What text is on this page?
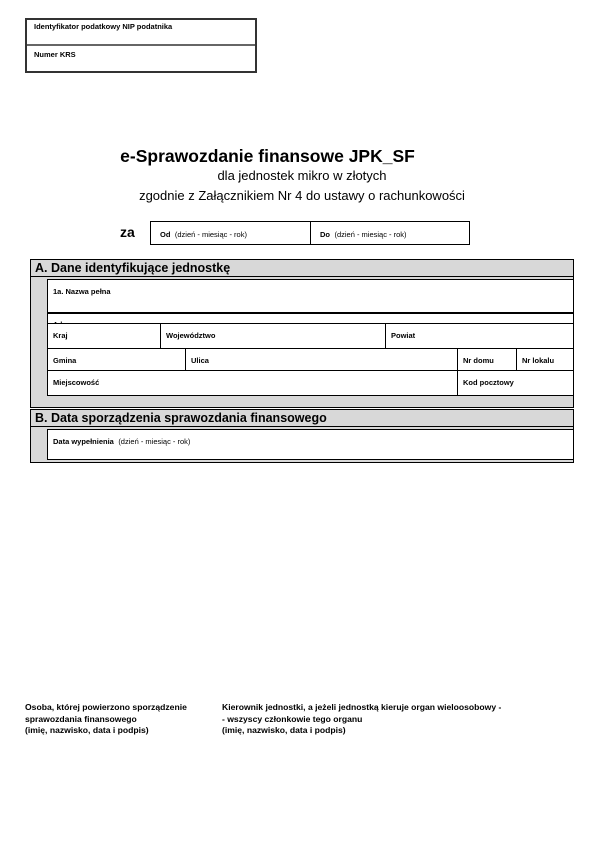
Identyfikator podatkowy NIP podatnika
Numer KRS
e-Sprawozdanie finansowe JPK_SF
dla jednostek mikro w złotych
zgodnie z Załącznikiem Nr 4 do ustawy o rachunkowości
za	Od (dzień - miesiąc - rok)	Do (dzień - miesiąc - rok)
A. Dane identyfikujące jednostkę
1a. Nazwa pełna
Kraj	Województwo	Powiat
Gmina	Ulica	Nr domu	Nr lokalu
Miejscowość	Kod pocztowy
B. Data sporządzenia sprawozdania finansowego
Data wypełnienia (dzień - miesiąc - rok)
Osoba, której powierzono sporządzenie
sprawozdania finansowego
(imię, nazwisko, data i podpis)
Kierownik jednostki, a jeżeli jednostką kieruje organ wieloosobowy -
- wszyscy członkowie tego organu
(imię, nazwisko, data i podpis)
